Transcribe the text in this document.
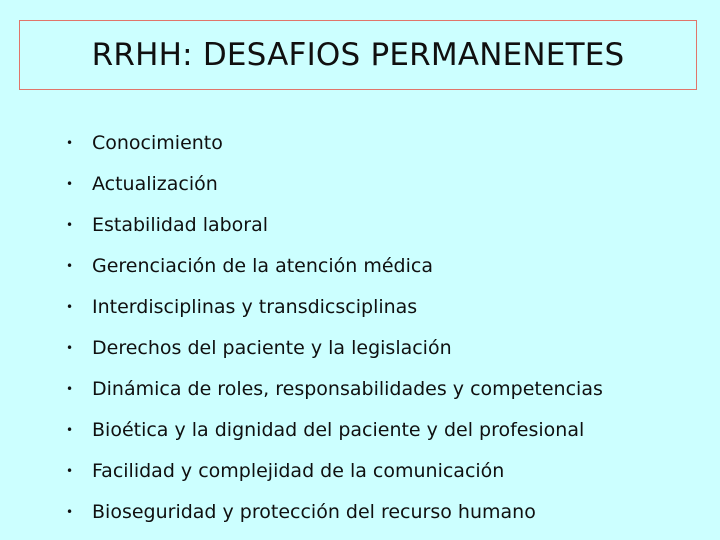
RRHH: DESAFIOS PERMANENETES
• Conocimiento
• Actualización
• Estabilidad laboral
• Gerenciación de la atención médica
• Interdisciplinas y transdicsciplinas
• Derechos del paciente y la legislación
• Dinámica de roles, responsabilidades y competencias
• Bioética y la dignidad del paciente y del profesional
• Facilidad y complejidad de la comunicación
• Bioseguridad y protección del recurso humano
